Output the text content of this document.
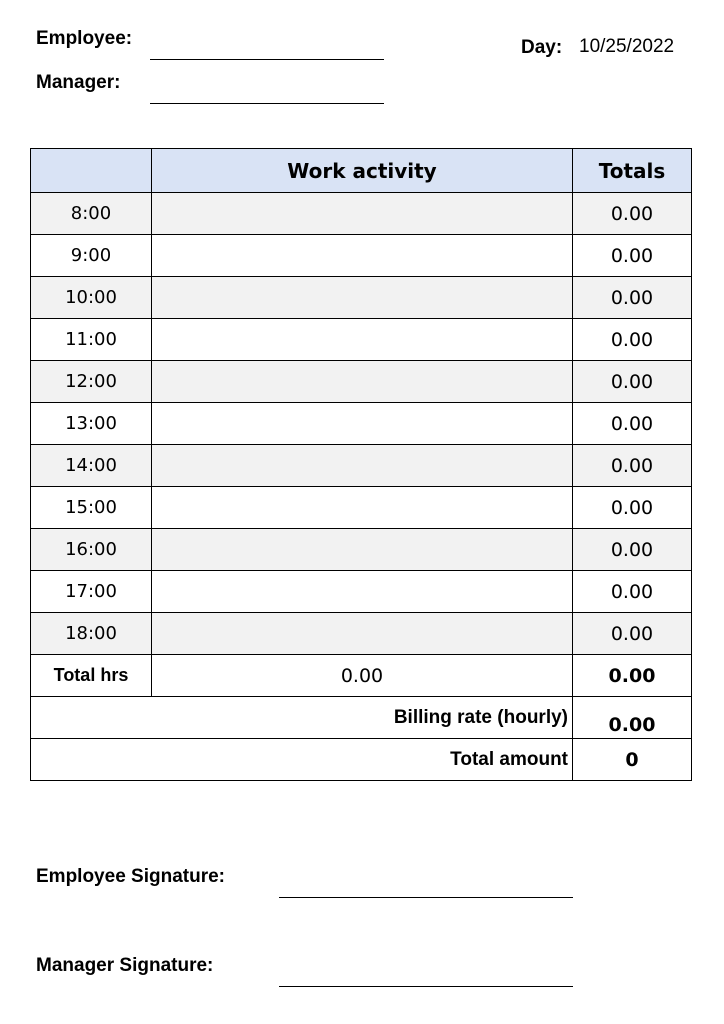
Employee:
Manager:
Day: 10/25/2022
	Work activity	Totals
8:00		0.00
9:00		0.00
10:00		0.00
11:00		0.00
12:00		0.00
13:00		0.00
14:00		0.00
15:00		0.00
16:00		0.00
17:00		0.00
18:00		0.00
Total hrs	0.00	0.00
Billing rate (hourly)		0.00
Total amount		0
Employee Signature:
Manager Signature:
